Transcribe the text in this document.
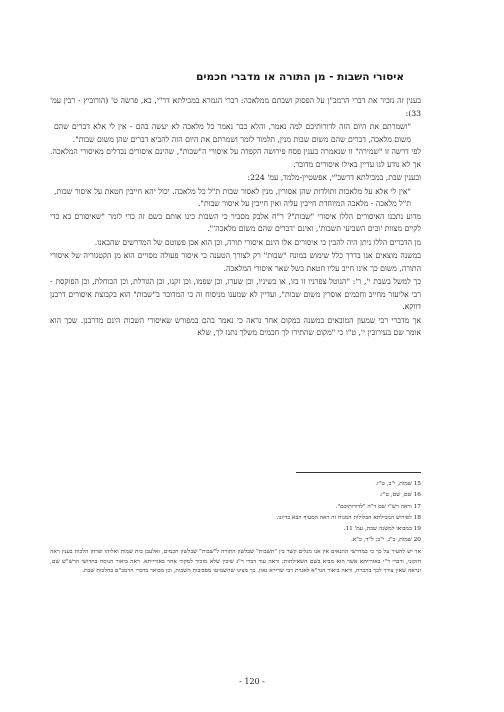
איסורי השבות - מן התורה או מדברי חכמים

בענין זה נזכיר את דברי הרמב"ן על הפסוק ושבתם ממלאכה: דברי הגמרא במכילתא דר"י, בא, פרשה ט' (הורוביץ - רבין עמ' 33):

"ושמרתם את היום הזה לדורותיכם למה נאמר, והלא כבר נאמר כל מלאכה לא יעשה בהם - אין לי אלא דברים שהם משום מלאכה, דברים שהם משום שבות מנין, תלמוד לומר ושמרתם את היום הזה להביא דברים שהן משום שבות".

לפי דרשה זו "שמירה" זו שנאמרה בענין פסח פירושה הקפדה על איסורי ה"שבות", שהינם איסורים נבדלים מאיסורי המלאכה. אך לא נודע לנו עדיין באילו איסורים מדובר.

ובענין שבת, במכילתא דרשב"י, אפשטיין-מלמד, עמ' 224:

"אין לי אלא על מלאכות ותולדות שהן אסורין, מנין לאסור שבות ת"ל כל מלאכה. יכול יהא חייבין חטאת על איסור שבות, ת"ל מלאכה - מלאכה המיוחדת חייבין עליה ואין חייבין על איסור שבות".

מדוע נתכנו האיסורים הללו איסורי "שבות"? ר"ח אלבק מסביר כי השבות כינו אותם בשם זה כדי לומר "שאיסורם בא כדי לקיים מצוות 'ובים השביעי תשבות', ואינם 'דברים שהם משום מלאכה'".

מן הדברים הללו ניתן היה להבין כי איסורים אלו הינם איסורי תורה, וכן הוא אכן פשוטם של המדרשים שהבאנו.

במשנה מוצאים אנו בדרך כלל שימוש במונח "שבות" רק לצורך הטענה כי איסור פעולה מסויים הוא מן הקטגוריה של איסורי התורה, משום כך אינו חייב עליו חטאת כשל שאר איסורי המלאכה.

כך למשל בשבת י', ר': "הנוטל צפרניו זו בזו, או בשיניו, וכן שערו, וכן שפמו, וכן זקנו, וכן הגודלת, וכן הכוחלת, וכן הפוקסת - רבי אליעזר מחייב וחכמים אוסרין משום שבות", ועדיין לא שמענו מניסוח זה כי המדובר ב"שבות" הוא בקבוצת איסורים דרבנן דווקא.

אך מדברי רבי שמעון המובאים במשנה במקום אחד נראה כי נאמר בהם במפורש שאיסורי השבות הינם מדרבנן. שכך הוא אומר שם בעירובין י', ט"ו כי "מקום שהתירו לך חכמים משלך נתנו לך, שלא

15 שמות, י"ב, ט"ז.

16 שם, שם, ט"ז.

17 וראה רש"י שם ד"ה "לדורותיכם".

18 לפירוש המכילתא הבלולות המנוח זה ראה הסעיף הבא בדיונו.

19 במבואו למשנה שבת, עמ' 11.

20 שמות, כ"ג, י"ב; ל"ד, כ"א.

אך יש להעיר על כך כי במדרשי התנאים אין אנו מגלים קשר בין "תשבות" שבלשון התורה ל"שבות" שבלשון חכמים, ואלעבן בית שמות ואליהו ופרחן הלכות בענין ראה חזקוני, ודברי ר"י באורייתא אשר הוא מביא בשם השאילתות; וראה עוד דברי ר"נ שיבין שלא מזכיר למקור אחר באורייתא. ראה ביאור הנוסח בחדושי הרש"ש שם, ונראה שאין צורך לכך בהכרח, וראה ביאור הגר"א לאגרת רבי שרירא גאון. כך מצינו שהשמיטו מסביבות השבות, וכן מבואר בדברי הרמב"ם בהלכות שבת.

- 120 -
